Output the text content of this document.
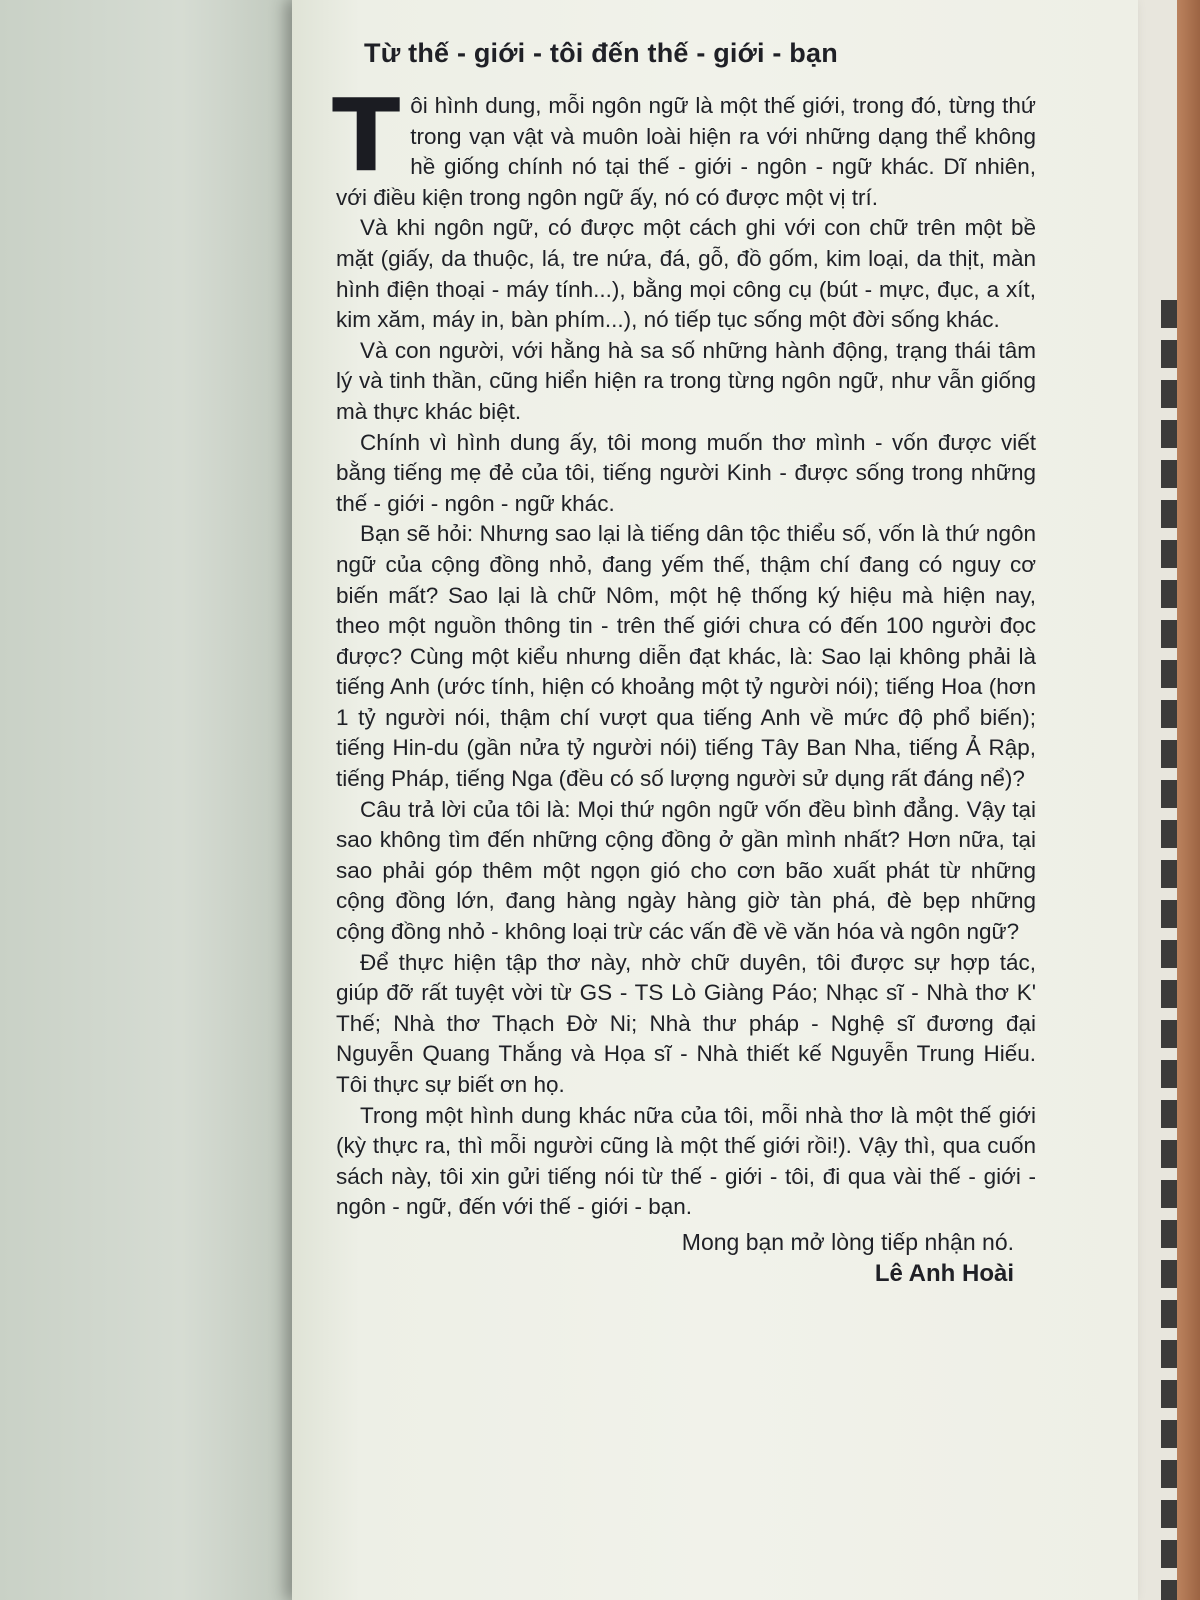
Từ thế - giới - tôi đến thế - giới - bạn

Tôi hình dung, mỗi ngôn ngữ là một thế giới, trong đó, từng thứ trong vạn vật và muôn loài hiện ra với những dạng thể không hề giống chính nó tại thế - giới - ngôn - ngữ khác. Dĩ nhiên, với điều kiện trong ngôn ngữ ấy, nó có được một vị trí.

Và khi ngôn ngữ, có được một cách ghi với con chữ trên một bề mặt (giấy, da thuộc, lá, tre nứa, đá, gỗ, đồ gốm, kim loại, da thịt, màn hình điện thoại - máy tính...), bằng mọi công cụ (bút - mực, đục, a xít, kim xăm, máy in, bàn phím...), nó tiếp tục sống một đời sống khác.

Và con người, với hằng hà sa số những hành động, trạng thái tâm lý và tinh thần, cũng hiển hiện ra trong từng ngôn ngữ, như vẫn giống mà thực khác biệt.

Chính vì hình dung ấy, tôi mong muốn thơ mình - vốn được viết bằng tiếng mẹ đẻ của tôi, tiếng người Kinh - được sống trong những thế - giới - ngôn - ngữ khác.

Bạn sẽ hỏi: Nhưng sao lại là tiếng dân tộc thiểu số, vốn là thứ ngôn ngữ của cộng đồng nhỏ, đang yếm thế, thậm chí đang có nguy cơ biến mất? Sao lại là chữ Nôm, một hệ thống ký hiệu mà hiện nay, theo một nguồn thông tin - trên thế giới chưa có đến 100 người đọc được? Cùng một kiểu nhưng diễn đạt khác, là: Sao lại không phải là tiếng Anh (ước tính, hiện có khoảng một tỷ người nói); tiếng Hoa (hơn 1 tỷ người nói, thậm chí vượt qua tiếng Anh về mức độ phổ biến); tiếng Hin-du (gần nửa tỷ người nói) tiếng Tây Ban Nha, tiếng Ả Rập, tiếng Pháp, tiếng Nga (đều có số lượng người sử dụng rất đáng nể)?

Câu trả lời của tôi là: Mọi thứ ngôn ngữ vốn đều bình đẳng. Vậy tại sao không tìm đến những cộng đồng ở gần mình nhất? Hơn nữa, tại sao phải góp thêm một ngọn gió cho cơn bão xuất phát từ những cộng đồng lớn, đang hàng ngày hàng giờ tàn phá, đè bẹp những cộng đồng nhỏ - không loại trừ các vấn đề về văn hóa và ngôn ngữ?

Để thực hiện tập thơ này, nhờ chữ duyên, tôi được sự hợp tác, giúp đỡ rất tuyệt vời từ GS - TS Lò Giàng Páo; Nhạc sĩ - Nhà thơ K' Thế; Nhà thơ Thạch Đờ Ni; Nhà thư pháp - Nghệ sĩ đương đại Nguyễn Quang Thắng và Họa sĩ - Nhà thiết kế Nguyễn Trung Hiếu. Tôi thực sự biết ơn họ.

Trong một hình dung khác nữa của tôi, mỗi nhà thơ là một thế giới (kỳ thực ra, thì mỗi người cũng là một thế giới rồi!). Vậy thì, qua cuốn sách này, tôi xin gửi tiếng nói từ thế - giới - tôi, đi qua vài thế - giới - ngôn - ngữ, đến với thế - giới - bạn.

Mong bạn mở lòng tiếp nhận nó.
Lê Anh Hoài
